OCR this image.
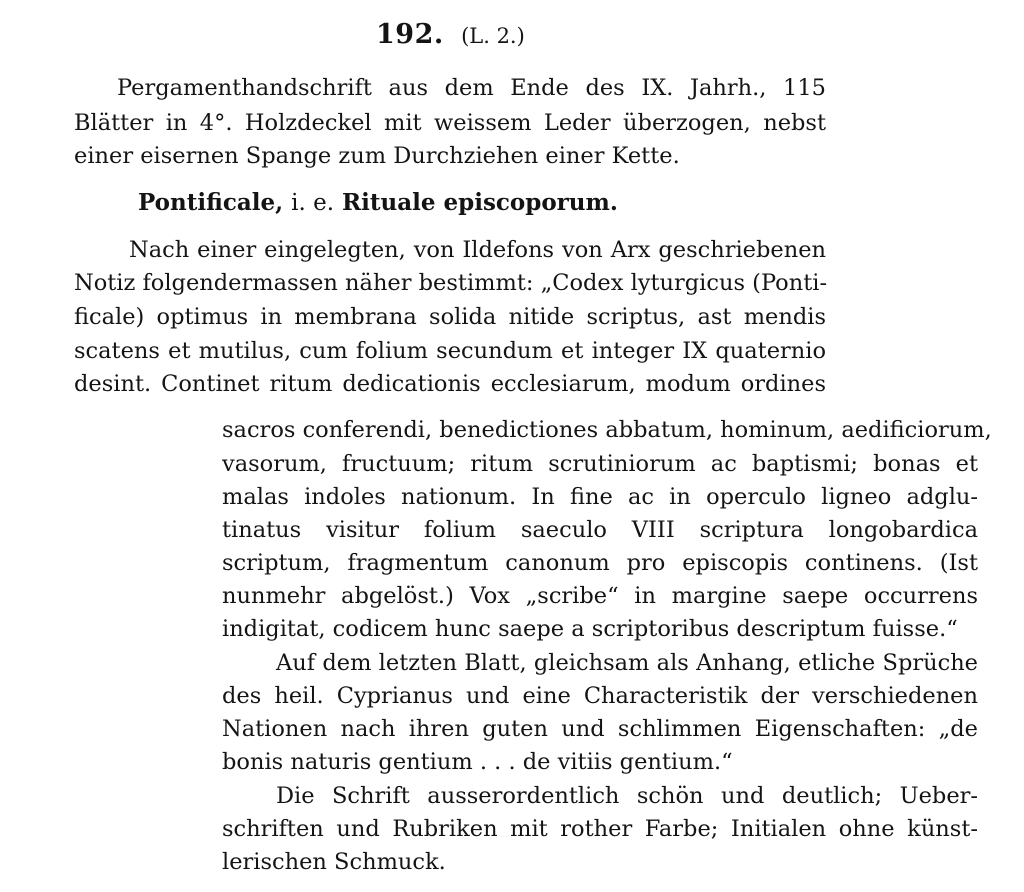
192. (L. 2.)
Pergamenthandschrift aus dem Ende des IX. Jahrh., 115
Blätter in 4°. Holzdeckel mit weissem Leder überzogen, nebst
einer eisernen Spange zum Durchziehen einer Kette.
Pontificale, i. e. Rituale episcoporum.
Nach einer eingelegten, von Ildefons von Arx geschriebenen
Notiz folgendermassen näher bestimmt: „Codex lyturgicus (Ponti-
ficale) optimus in membrana solida nitide scriptus, ast mendis
scatens et mutilus, cum folium secundum et integer IX quaternio
desint. Continet ritum dedicationis ecclesiarum, modum ordines
sacros conferendi, benedictiones abbatum, hominum, aedificiorum,
vasorum, fructuum; ritum scrutiniorum ac baptismi; bonas et
malas indoles nationum. In fine ac in operculo ligneo adglu-
tinatus visitur folium saeculo VIII scriptura longobardica
scriptum, fragmentum canonum pro episcopis continens. (Ist
nunmehr abgelöst.) Vox „scribe“ in margine saepe occurrens
indigitat, codicem hunc saepe a scriptoribus descriptum fuisse.“
Auf dem letzten Blatt, gleichsam als Anhang, etliche Sprüche
des heil. Cyprianus und eine Characteristik der verschiedenen
Nationen nach ihren guten und schlimmen Eigenschaften: „de
bonis naturis gentium . . . de vitiis gentium.“
Die Schrift ausserordentlich schön und deutlich; Ueber-
schriften und Rubriken mit rother Farbe; Initialen ohne künst-
lerischen Schmuck.
